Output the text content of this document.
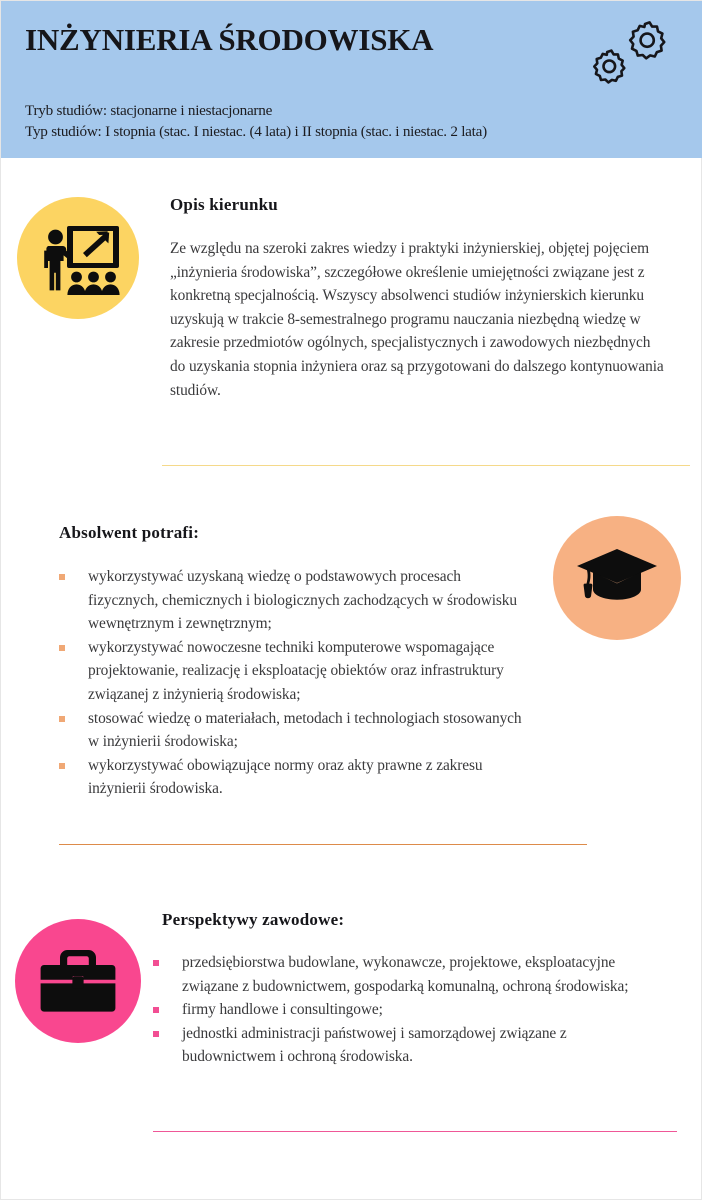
INŻYNIERIA ŚRODOWISKA
Tryb studiów: stacjonarne i niestacjonarne
Typ studiów: I stopnia (stac. I niestac. (4 lata) i II stopnia (stac. i niestac. 2 lata)
Opis kierunku
Ze względu na szeroki zakres wiedzy i praktyki inżynierskiej, objętej pojęciem „inżynieria środowiska”, szczegółowe określenie umiejętności związane jest z konkretną specjalnością. Wszyscy absolwenci studiów inżynierskich kierunku uzyskują w trakcie 8-semestralnego programu nauczania niezbędną wiedzę w zakresie przedmiotów ogólnych, specjalistycznych i zawodowych niezbędnych do uzyskania stopnia inżyniera oraz są przygotowani do dalszego kontynuowania studiów.
Absolwent potrafi:
wykorzystywać uzyskaną wiedzę o podstawowych procesach fizycznych, chemicznych i biologicznych zachodzących w środowisku wewnętrznym i zewnętrznym;
wykorzystywać nowoczesne techniki komputerowe wspomagające projektowanie, realizację i eksploatację obiektów oraz infrastruktury związanej z inżynierią środowiska;
stosować wiedzę o materiałach, metodach i technologiach stosowanych w inżynierii środowiska;
wykorzystywać obowiązujące normy oraz akty prawne z zakresu inżynierii środowiska.
Perspektywy zawodowe:
przedsiębiorstwa budowlane, wykonawcze, projektowe, eksploatacyjne związane z budownictwem, gospodarką komunalną, ochroną środowiska;
firmy handlowe i consultingowe;
jednostki administracji państwowej i samorządowej związane z budownictwem i ochroną środowiska.
